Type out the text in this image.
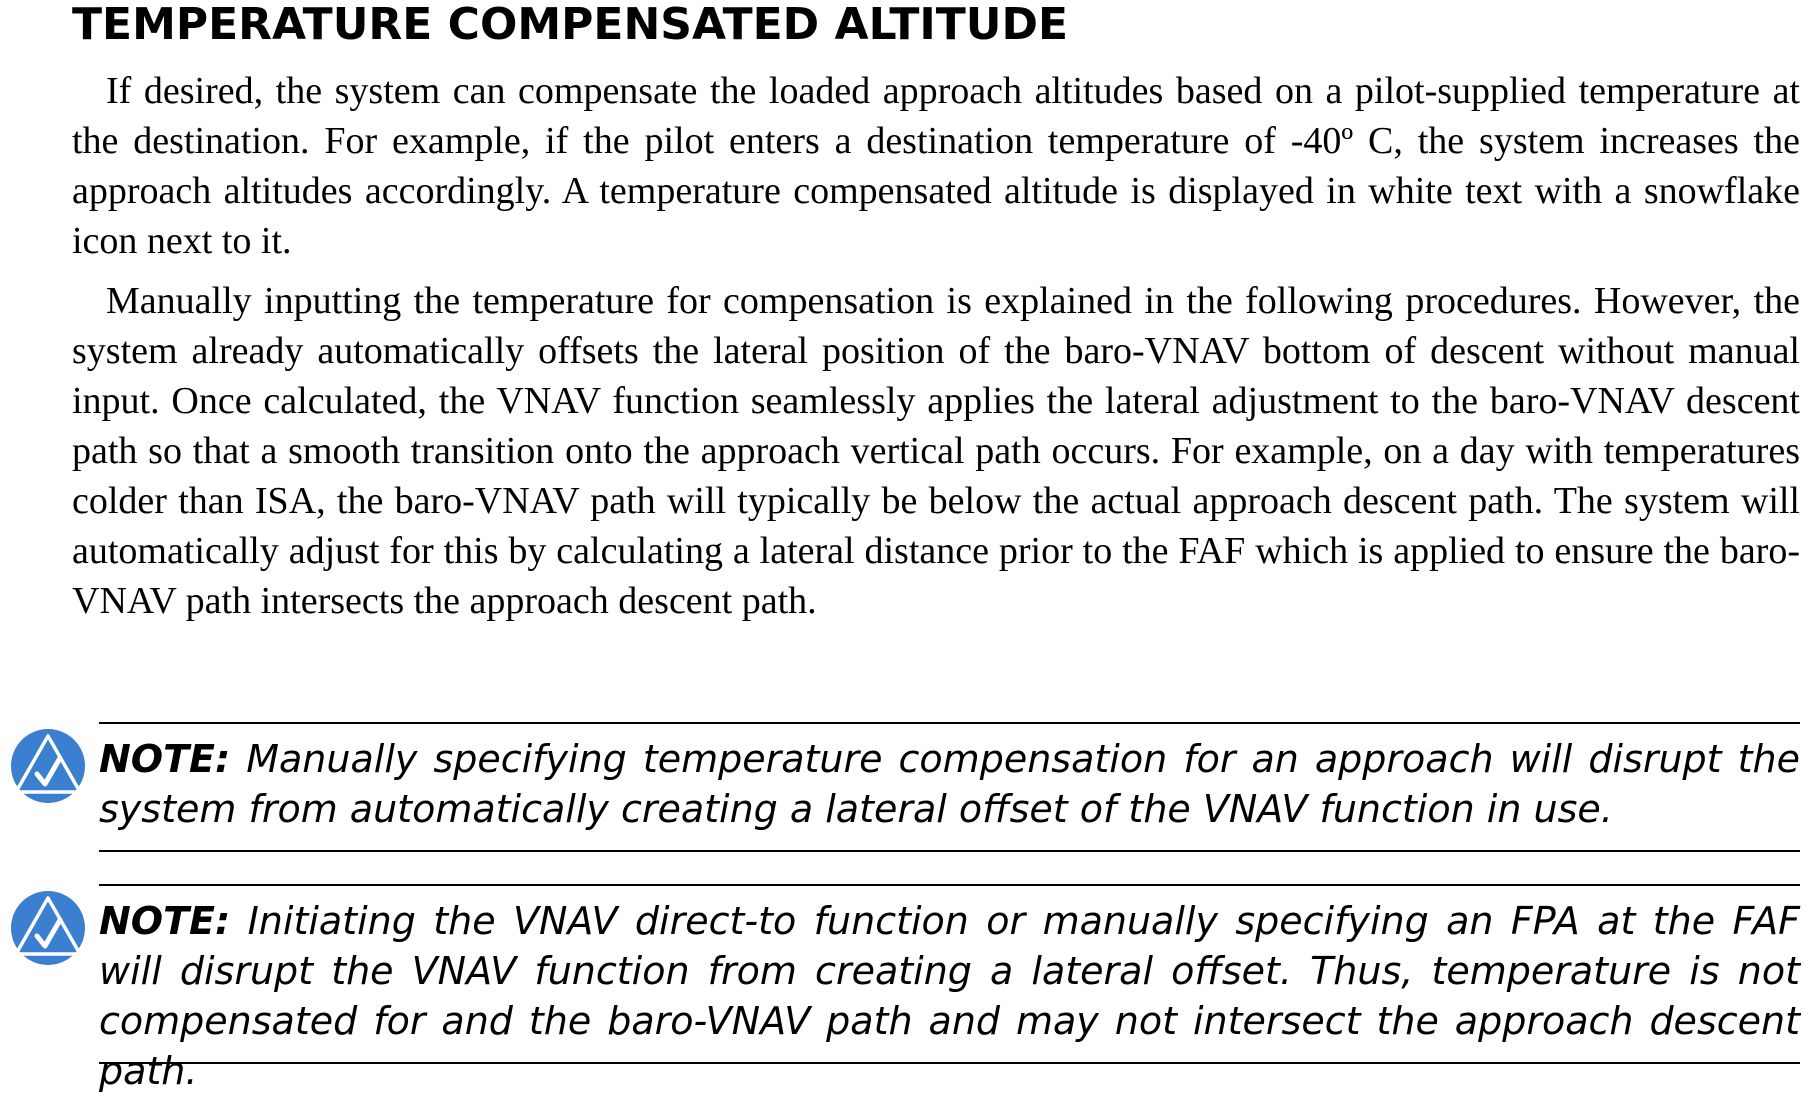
TEMPERATURE COMPENSATED ALTITUDE

If desired, the system can compensate the loaded approach altitudes based on a pilot-supplied temperature at the destination. For example, if the pilot enters a destination temperature of -40º C, the system increases the approach altitudes accordingly. A temperature compensated altitude is displayed in white text with a snowflake icon next to it.

Manually inputting the temperature for compensation is explained in the following procedures. However, the system already automatically offsets the lateral position of the baro-VNAV bottom of descent without manual input. Once calculated, the VNAV function seamlessly applies the lateral adjustment to the baro-VNAV descent path so that a smooth transition onto the approach vertical path occurs. For example, on a day with temperatures colder than ISA, the baro-VNAV path will typically be below the actual approach descent path. The system will automatically adjust for this by calculating a lateral distance prior to the FAF which is applied to ensure the baro-VNAV path intersects the approach descent path.

NOTE: Manually specifying temperature compensation for an approach will disrupt the system from automatically creating a lateral offset of the VNAV function in use.

NOTE: Initiating the VNAV direct-to function or manually specifying an FPA at the FAF will disrupt the VNAV function from creating a lateral offset. Thus, temperature is not compensated for and the baro-VNAV path and may not intersect the approach descent path.
